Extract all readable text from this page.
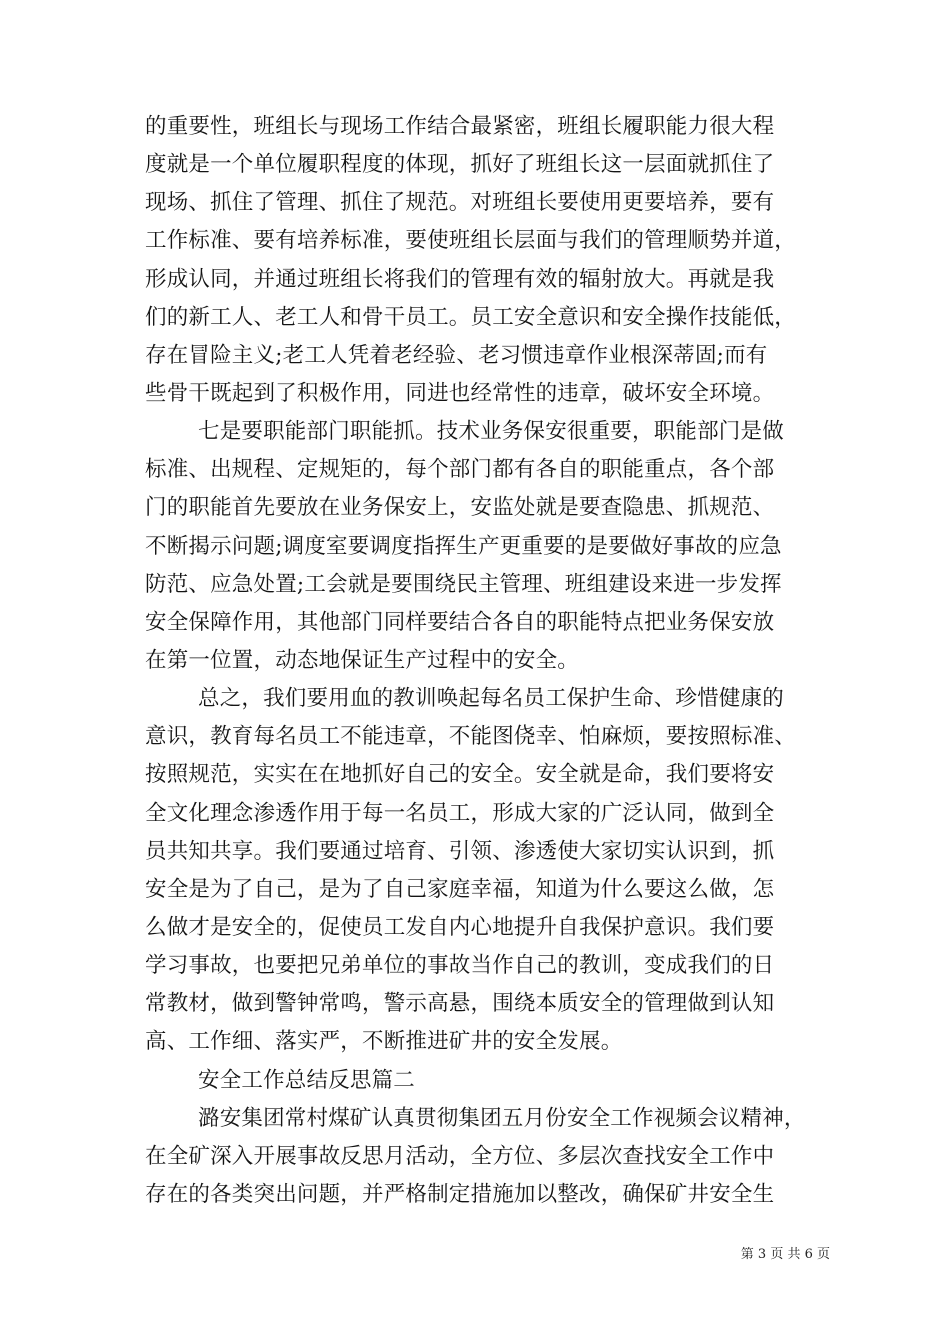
的重要性，班组长与现场工作结合最紧密，班组长履职能力很大程
度就是一个单位履职程度的体现，抓好了班组长这一层面就抓住了
现场、抓住了管理、抓住了规范。对班组长要使用更要培养，要有
工作标准、要有培养标准，要使班组长层面与我们的管理顺势并道，
形成认同，并通过班组长将我们的管理有效的辐射放大。再就是我
们的新工人、老工人和骨干员工。员工安全意识和安全操作技能低，
存在冒险主义;老工人凭着老经验、老习惯违章作业根深蒂固;而有
些骨干既起到了积极作用，同进也经常性的违章，破坏安全环境。
七是要职能部门职能抓。技术业务保安很重要，职能部门是做
标准、出规程、定规矩的，每个部门都有各自的职能重点，各个部
门的职能首先要放在业务保安上，安监处就是要查隐患、抓规范、
不断揭示问题;调度室要调度指挥生产更重要的是要做好事故的应急
防范、应急处置;工会就是要围绕民主管理、班组建设来进一步发挥
安全保障作用，其他部门同样要结合各自的职能特点把业务保安放
在第一位置，动态地保证生产过程中的安全。
总之，我们要用血的教训唤起每名员工保护生命、珍惜健康的
意识，教育每名员工不能违章，不能图侥幸、怕麻烦，要按照标准、
按照规范，实实在在地抓好自己的安全。安全就是命，我们要将安
全文化理念渗透作用于每一名员工，形成大家的广泛认同，做到全
员共知共享。我们要通过培育、引领、渗透使大家切实认识到，抓
安全是为了自己，是为了自己家庭幸福，知道为什么要这么做，怎
么做才是安全的，促使员工发自内心地提升自我保护意识。我们要
学习事故，也要把兄弟单位的事故当作自己的教训，变成我们的日
常教材，做到警钟常鸣，警示高悬，围绕本质安全的管理做到认知
高、工作细、落实严，不断推进矿井的安全发展。
安全工作总结反思篇二
潞安集团常村煤矿认真贯彻集团五月份安全工作视频会议精神，
在全矿深入开展事故反思月活动，全方位、多层次查找安全工作中
存在的各类突出问题，并严格制定措施加以整改，确保矿井安全生
第 3 页 共 6 页
